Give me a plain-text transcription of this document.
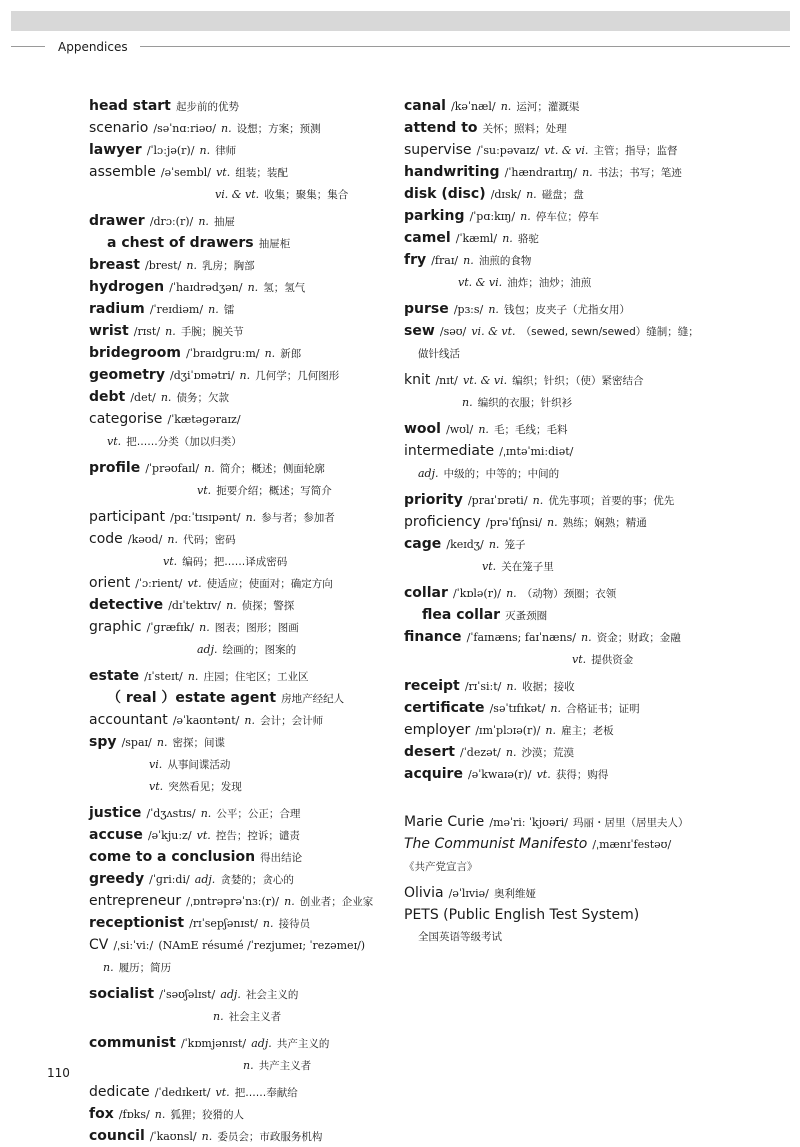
Appendices
head start 起步前的优势
scenario /səˈnɑːriəʊ/ n. 设想；方案；预测
lawyer /ˈlɔːjə(r)/ n. 律师
assemble /əˈsembl/ vt. 组装；装配
vi. & vt. 收集；聚集；集合
drawer /drɔː(r)/ n. 抽屉
a chest of drawers 抽屉柜
breast /brest/ n. 乳房；胸部
hydrogen /ˈhaɪdrədʒən/ n. 氢；氢气
radium /ˈreɪdiəm/ n. 镭
wrist /rɪst/ n. 手腕；腕关节
bridegroom /ˈbraɪdɡruːm/ n. 新郎
geometry /dʒiˈɒmətri/ n. 几何学；几何图形
debt /det/ n. 债务；欠款
categorise /ˈkætəɡəraɪz/
vt. 把……分类（加以归类）
profile /ˈprəʊfaɪl/ n. 简介；概述；侧面轮廓
vt. 扼要介绍；概述；写简介
participant /pɑːˈtɪsɪpənt/ n. 参与者；参加者
code /kəʊd/ n. 代码；密码
vt. 编码；把……译成密码
orient /ˈɔːrient/ vt. 使适应；使面对；确定方向
detective /dɪˈtektɪv/ n. 侦探；警探
graphic /ˈɡræfɪk/ n. 图表；图形；图画
adj. 绘画的；图案的
estate /ɪˈsteɪt/ n. 庄园；住宅区；工业区
（ real ）estate agent 房地产经纪人
accountant /əˈkaʊntənt/ n. 会计；会计师
spy /spaɪ/ n. 密探；间谍
vi. 从事间谍活动
vt. 突然看见；发现
justice /ˈdʒʌstɪs/ n. 公平；公正；合理
accuse /əˈkjuːz/ vt. 控告；控诉；谴责
come to a conclusion 得出结论
greedy /ˈɡriːdi/ adj. 贪婪的；贪心的
entrepreneur /ˌɒntrəprəˈnɜː(r)/ n. 创业者；企业家
receptionist /rɪˈsepʃənɪst/ n. 接待员
CV /ˌsiːˈviː/ (NAmE résumé /ˈrezjumeɪ; ˈrezəmeɪ/)
n. 履历；简历
socialist /ˈsəʊʃəlɪst/ adj. 社会主义的
n. 社会主义者
communist /ˈkɒmjənɪst/ adj. 共产主义的
n. 共产主义者
dedicate /ˈdedɪkeɪt/ vt. 把……奉献给
fox /fɒks/ n. 狐狸；狡猾的人
council /ˈkaʊnsl/ n. 委员会；市政服务机构
canal /kəˈnæl/ n. 运河；灌溉渠
attend to 关怀；照料；处理
supervise /ˈsuːpəvaɪz/ vt. & vi. 主管；指导；监督
handwriting /ˈhændraɪtɪŋ/ n. 书法；书写；笔迹
disk (disc) /dɪsk/ n. 磁盘；盘
parking /ˈpɑːkɪŋ/ n. 停车位；停车
camel /ˈkæml/ n. 骆驼
fry /fraɪ/ n. 油煎的食物
vt. & vi. 油炸；油炒；油煎
purse /pɜːs/ n. 钱包；皮夹子（尤指女用）
sew /səʊ/ vi. & vt. （sewed, sewn/sewed）缝制；缝；
做针线活
knit /nɪt/ vt. & vi. 编织；针织；（使）紧密结合
n. 编织的衣服；针织衫
wool /wʊl/ n. 毛；毛线；毛料
intermediate /ˌɪntəˈmiːdiət/
adj. 中级的；中等的；中间的
priority /praɪˈɒrəti/ n. 优先事项；首要的事；优先
proficiency /prəˈfɪʃnsi/ n. 熟练；娴熟；精通
cage /keɪdʒ/ n. 笼子
vt. 关在笼子里
collar /ˈkɒlə(r)/ n. （动物）颈圈；衣领
flea collar 灭蚤颈圈
finance /ˈfaɪnæns; faɪˈnæns/ n. 资金；财政；金融
vt. 提供资金
receipt /rɪˈsiːt/ n. 收据；接收
certificate /səˈtɪfɪkət/ n. 合格证书；证明
employer /ɪmˈplɔɪə(r)/ n. 雇主；老板
desert /ˈdezət/ n. 沙漠；荒漠
acquire /əˈkwaɪə(r)/ vt. 获得；购得
Marie Curie /məˈriː ˈkjʊəri/ 玛丽・居里（居里夫人）
The Communist Manifesto /ˌmænɪˈfestəʊ/
《共产党宣言》
Olivia /əˈlɪviə/ 奥利维娅
PETS (Public English Test System)
全国英语等级考试
110
